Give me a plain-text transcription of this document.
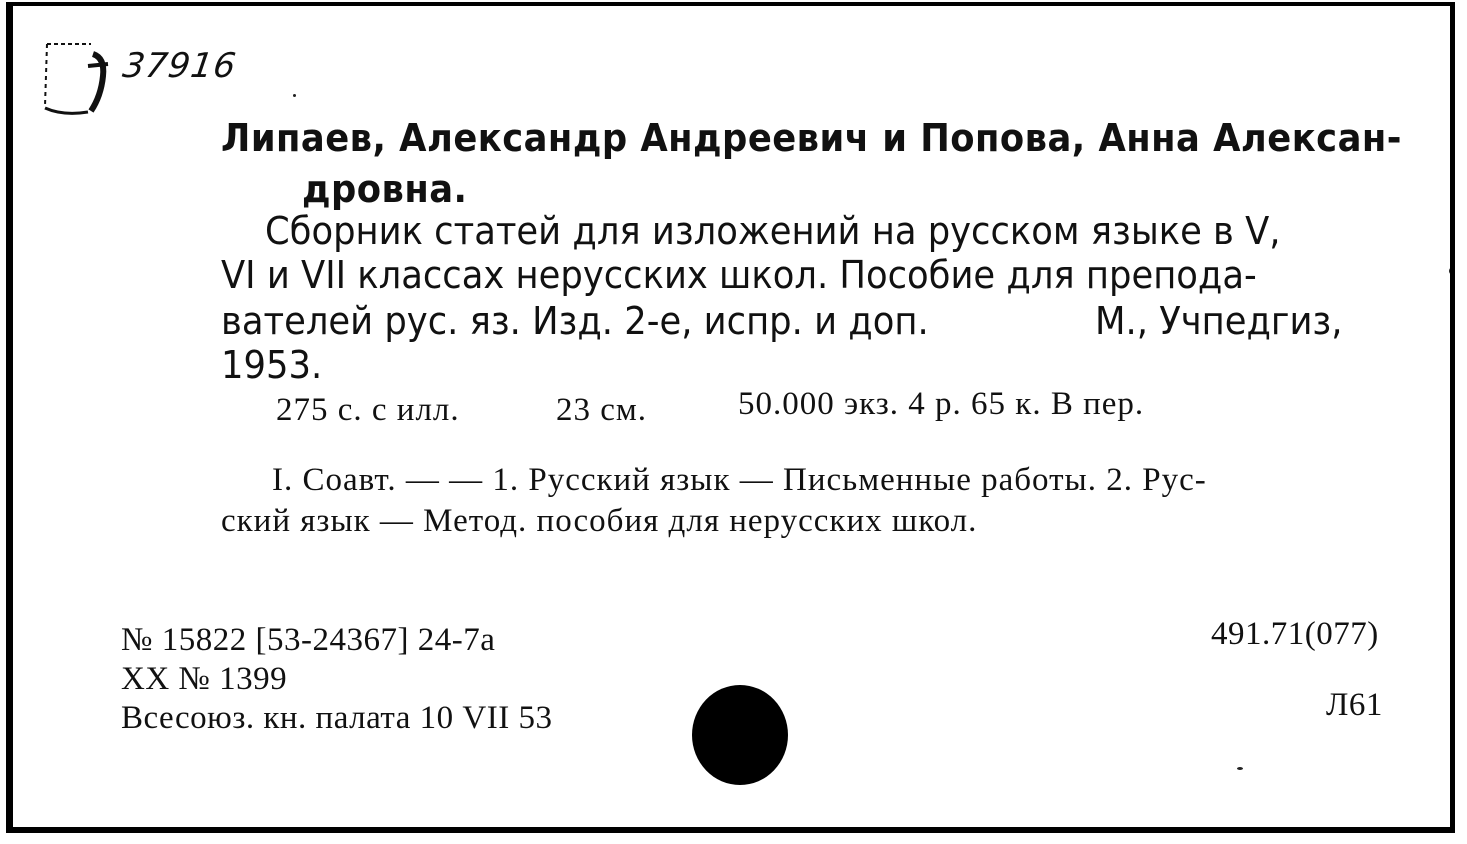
37916
Липаев, Александр Андреевич и Попова, Анна Алексан-
дровна.
Сборник статей для изложений на русском языке в V,
VI и VII классах нерусских школ. Пособие для препода-
вателей рус. яз. Изд. 2-е, испр. и доп.	М., Учпедгиз,
1953.
275 с. с илл.	23 см.	50.000 экз. 4 р. 65 к. В пер.
I. Соавт. — — 1. Русский язык — Письменные работы. 2. Рус-
ский язык — Метод. пособия для нерусских школ.
№ 15822 [53-24367] 24-7а
XX № 1399
Всесоюз. кн. палата 10 VII 53
491.71(077)
Л61
